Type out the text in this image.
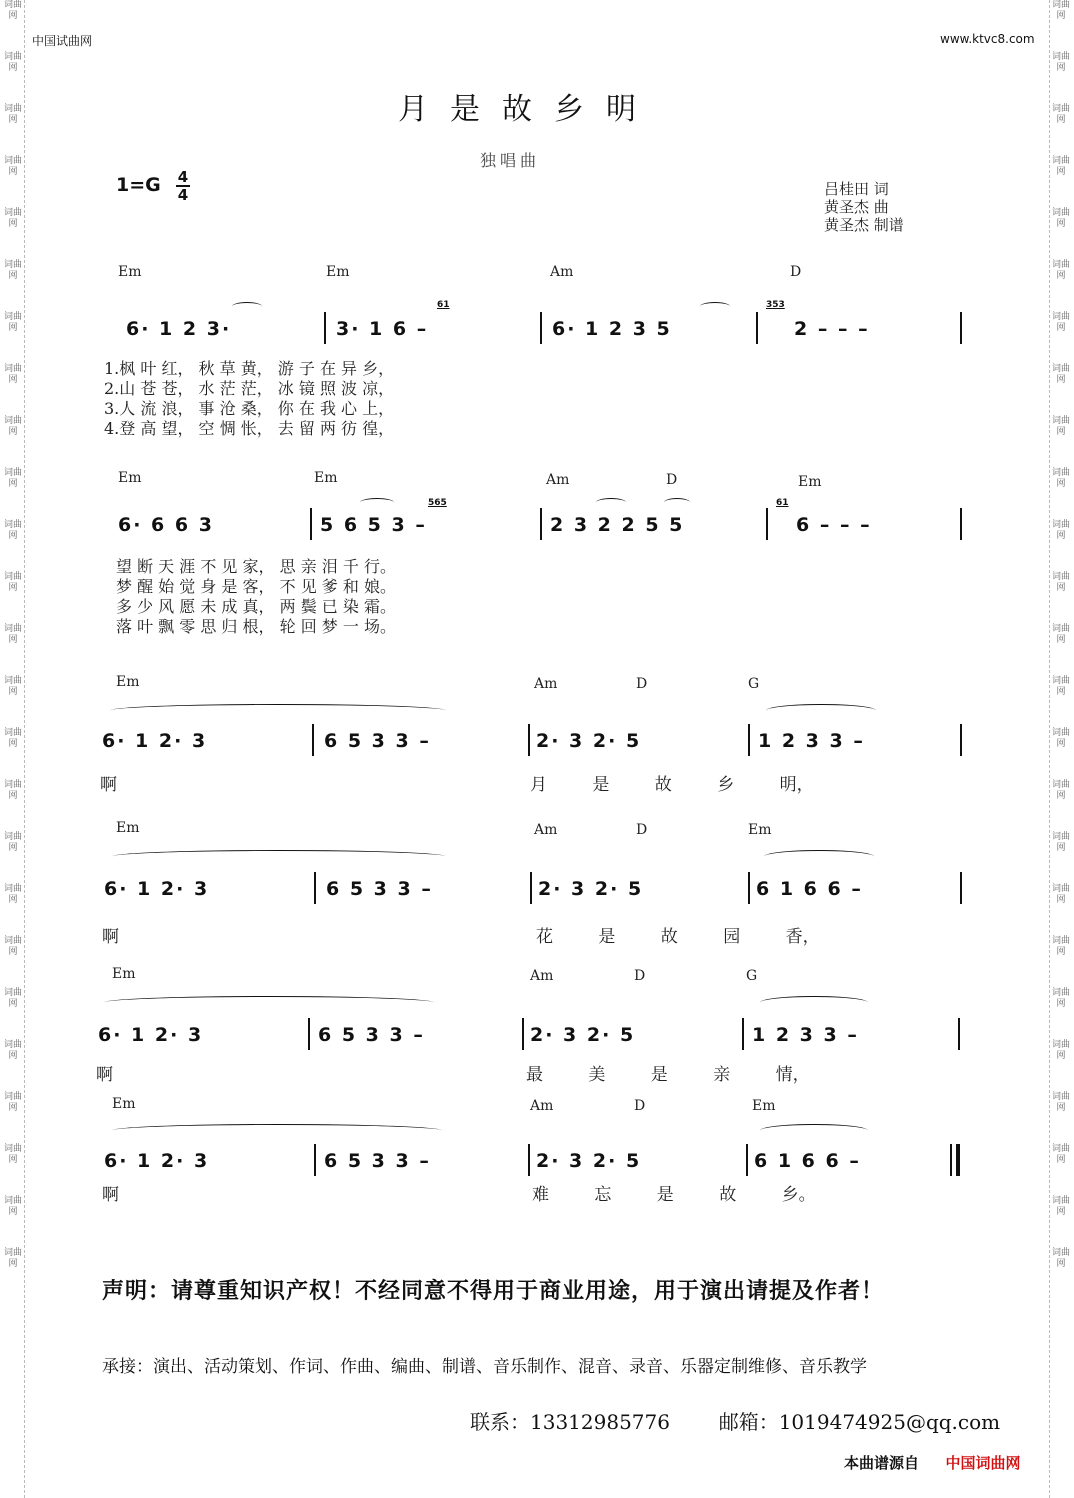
词曲网
词曲网
词曲网
词曲网
词曲网
词曲网
词曲网
词曲网
词曲网
词曲网
词曲网
词曲网
词曲网
词曲网
词曲网
词曲网
词曲网
词曲网
词曲网
词曲网
词曲网
词曲网
词曲网
词曲网
词曲网
词曲网
词曲网
词曲网
词曲网
词曲网
词曲网
词曲网
词曲网
词曲网
词曲网
词曲网
词曲网
词曲网
词曲网
词曲网
词曲网
词曲网
词曲网
词曲网
词曲网
词曲网
词曲网
词曲网
词曲网
词曲网
中国试曲网	www.ktvc8.com
月是故乡明
独唱曲
1=G 4
4	吕桂田 词
黄圣杰 曲
黄圣杰 制谱
Em	Em	Am	D
6· 1 2 3·	3· 1 6 –
61
6· 1 2 3 5
353
2 – – –
1.枫 叶 红， 秋 草 黄， 游 子 在 异 乡，
2.山 苍 苍， 水 茫 茫， 冰 镜 照 波 凉，
3.人 流 浪， 事 沧 桑， 你 在 我 心 上，
4.登 高 望， 空 惆 怅， 去 留 两 彷 徨，
Em	Em	Am	D	Em
6· 6 6 3	5 6 5 3 –
565
2 3 2 2 5 5
61
6 – – –
望 断 天 涯 不 见 家， 思 亲 泪 千 行。
梦 醒 始 觉 身 是 客， 不 见 爹 和 娘。
多 少 风 愿 未 成 真， 两 鬓 已 染 霜。
落 叶 飘 零 思 归 根， 轮 回 梦 一 场。
Em	Am	D	G
6· 1 2· 3	6 5 3 3 –	2· 3 2· 5	1 2 3 3 –
啊	月 是 故 乡 明，
Em	Am	D	Em
6· 1 2· 3	6 5 3 3 –	2· 3 2· 5	6 1 6 6 –
啊	花 是 故 园 香，
Em	Am	D	G
6· 1 2· 3	6 5 3 3 –	2· 3 2· 5	1 2 3 3 –
啊	最 美 是 亲 情，
Em	Am	D	Em
6· 1 2· 3	6 5 3 3 –	2· 3 2· 5	6 1 6 6 –
啊	难 忘 是 故 乡。
声明：请尊重知识产权！不经同意不得用于商业用途，用于演出请提及作者！
承接：演出、活动策划、作词、作曲、编曲、制谱、音乐制作、混音、录音、乐器定制维修、音乐教学
联系：13312985776 邮箱：1019474925@qq.com
本曲谱源自 中国词曲网
